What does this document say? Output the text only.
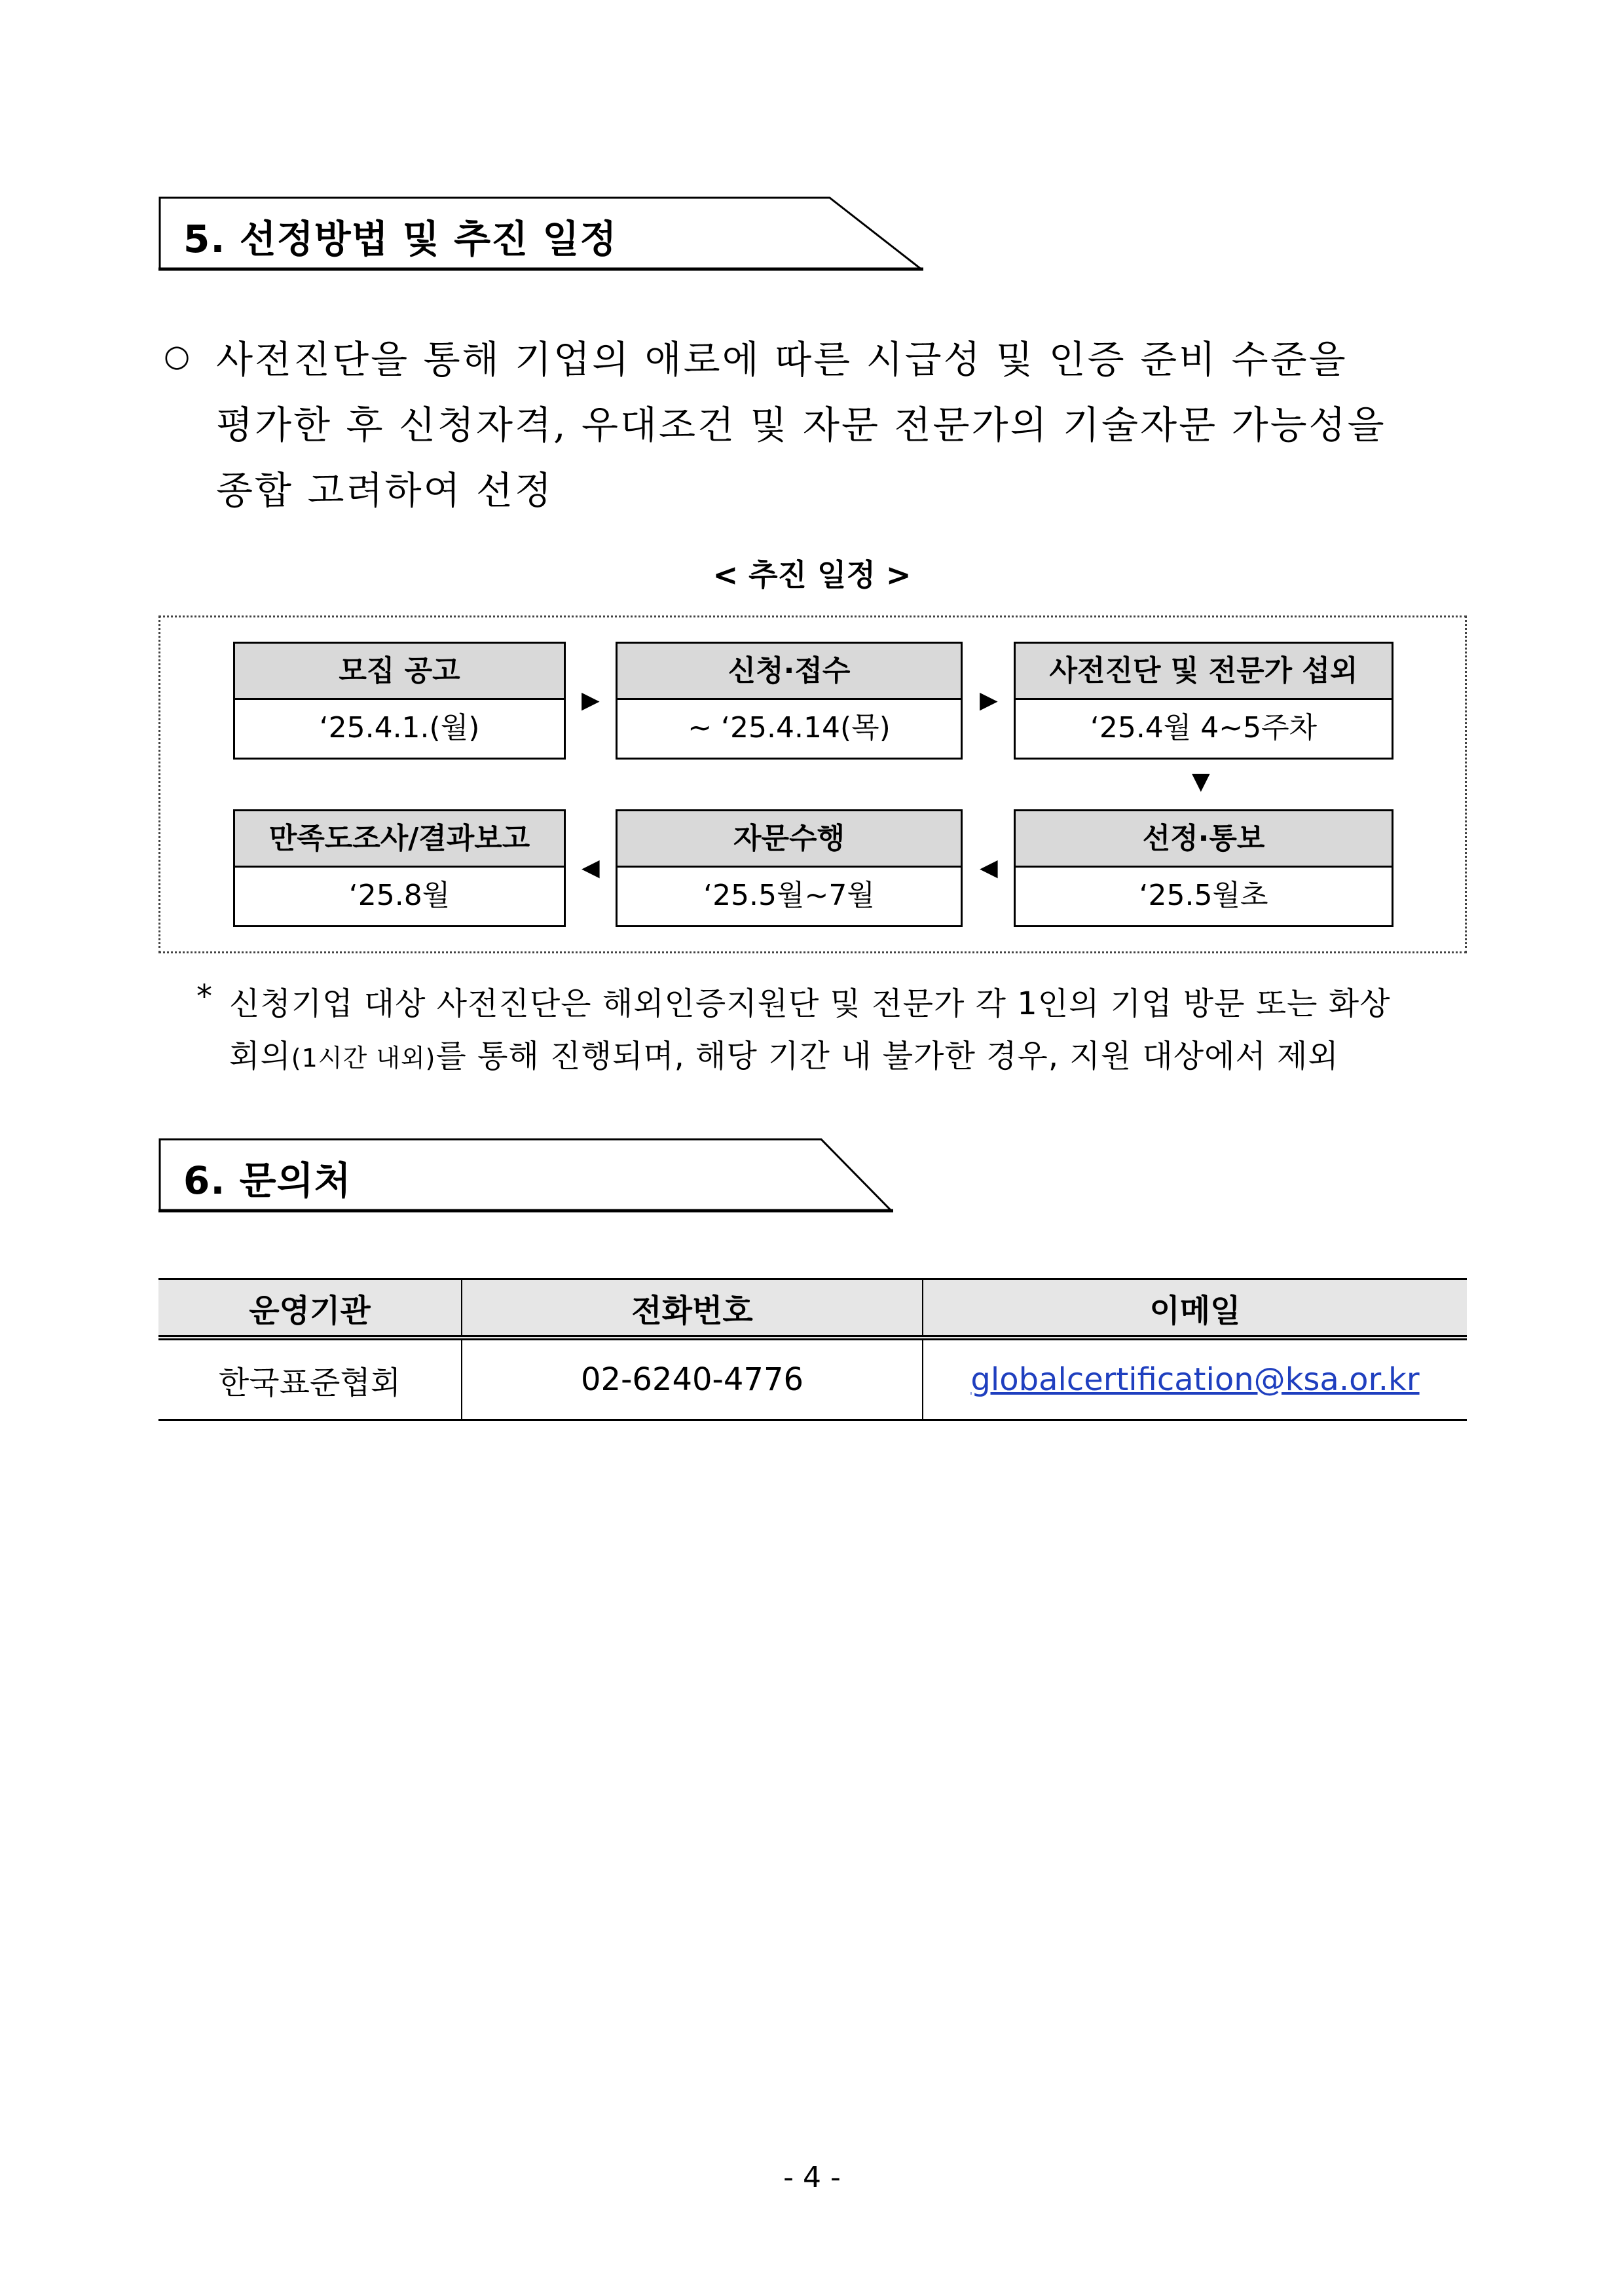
5. 선정방법 및 추진 일정
○ 사전진단을 통해 기업의 애로에 따른 시급성 및 인증 준비 수준을
평가한 후 신청자격, 우대조건 및 자문 전문가의 기술자문 가능성을
종합 고려하여 선정
< 추진 일정 >
모집 공고
‘25.4.1.(월)
▶
신청·접수
~ ‘25.4.14(목)
▶
사전진단 및 전문가 섭외
‘25.4월 4~5주차
▼
만족도조사/결과보고
‘25.8월
◀
자문수행
‘25.5월~7월
◀
선정·통보
‘25.5월초
* 신청기업 대상 사전진단은 해외인증지원단 및 전문가 각 1인의 기업 방문 또는 화상
회의(1시간 내외)를 통해 진행되며, 해당 기간 내 불가한 경우, 지원 대상에서 제외
6. 문의처
운영기관	전화번호	이메일
한국표준협회	02-6240-4776	globalcertification@ksa.or.kr
- 4 -
